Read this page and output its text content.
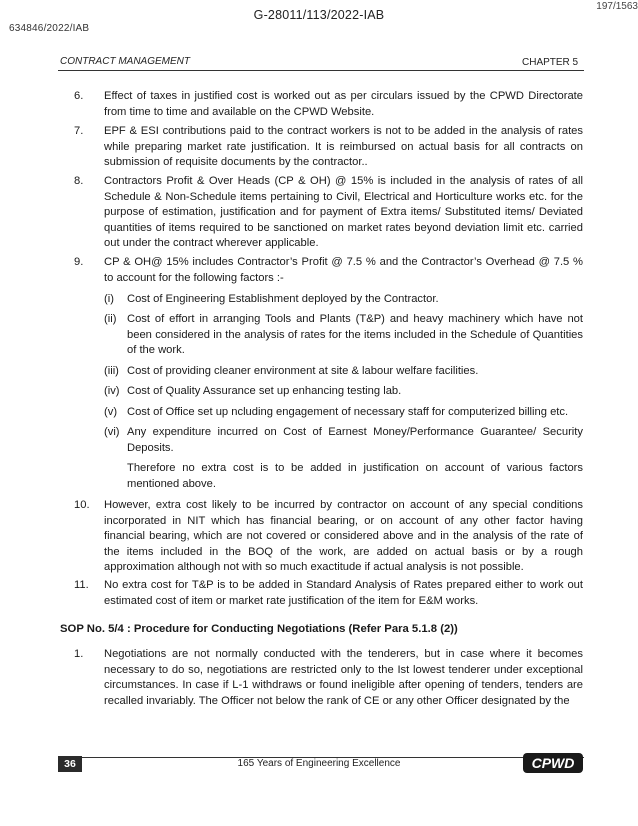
197/1563
G-28011/113/2022-IAB
634846/2022/IAB
CONTRACT MANAGEMENT	CHAPTER 5
6. Effect of taxes in justified cost is worked out as per circulars issued by the CPWD Directorate from time to time and available on the CPWD Website.
7. EPF & ESI contributions paid to the contract workers is not to be added in the analysis of rates while preparing market rate justification. It is reimbursed on actual basis for all contracts on submission of requisite documents by the contractor..
8. Contractors Profit & Over Heads (CP & OH) @ 15% is included in the analysis of rates of all Schedule & Non-Schedule items pertaining to Civil, Electrical and Horticulture works etc. for the purpose of estimation, justification and for payment of Extra items/ Substituted items/ Deviated quantities of items required to be sanctioned on market rates beyond deviation limit etc. carried out under the contract wherever applicable.
9. CP & OH@ 15% includes Contractor’s Profit @ 7.5 % and the Contractor’s Overhead @ 7.5 % to account for the following factors :-
(i) Cost of Engineering Establishment deployed by the Contractor.
(ii) Cost of effort in arranging Tools and Plants (T&P) and heavy machinery which have not been considered in the analysis of rates for the items included in the Schedule of Quantities of the work.
(iii) Cost of providing cleaner environment at site & labour welfare facilities.
(iv) Cost of Quality Assurance set up enhancing testing lab.
(v) Cost of Office set up ncluding engagement of necessary staff for computerized billing etc.
(vi) Any expenditure incurred on Cost of Earnest Money/Performance Guarantee/ Security Deposits.
Therefore no extra cost is to be added in justification on account of various factors mentioned above.
10. However, extra cost likely to be incurred by contractor on account of any special conditions incorporated in NIT which has financial bearing, or on account of any other factor having financial bearing, which are not covered or considered above and in the analysis of the rate of the items included in the BOQ of the work, are added on actual basis or by a rough approximation although not with so much exactitude if actual analysis is not possible.
11. No extra cost for T&P is to be added in Standard Analysis of Rates prepared either to work out estimated cost of item or market rate justification of the item for E&M works.
SOP No. 5/4 : Procedure for Conducting Negotiations (Refer Para 5.1.8 (2))
1. Negotiations are not normally conducted with the tenderers, but in case where it becomes necessary to do so, negotiations are restricted only to the Ist lowest tenderer under exceptional circumstances. In case if L-1 withdraws or found ineligible after opening of tenders, tenders are recalled invariably. The Officer not below the rank of CE or any other Officer designated by the
36	165 Years of Engineering Excellence	CPWD
